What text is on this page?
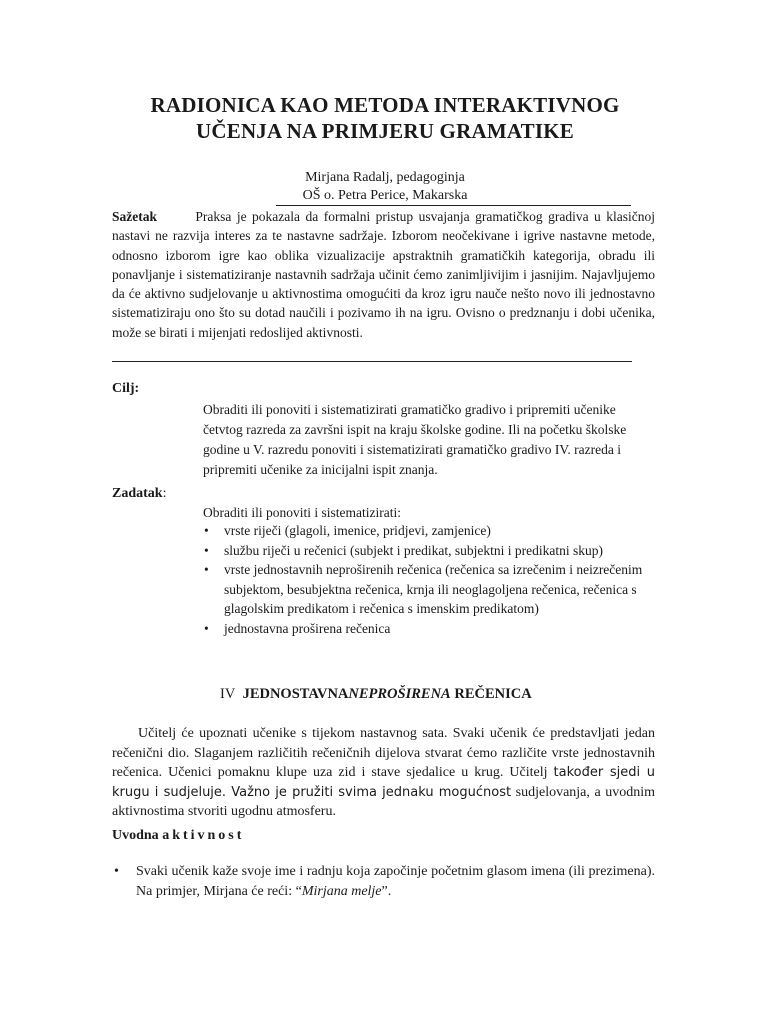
RADIONICA KAO METODA INTERAKTIVNOG
UČENJA NA PRIMJERU GRAMATIKE
Mirjana Radalj, pedagoginja
OŠ o. Petra Perice, Makarska
Sažetak	Praksa je pokazala da formalni pristup usvajanja gramatičkog gradiva u klasičnoj nastavi ne razvija interes za te nastavne sadržaje. Izborom neočekivane i igrive nastavne metode, odnosno izborom igre kao oblika vizualizacije apstraktnih gramatičkih kategorija, obradu ili ponavljanje i sistematiziranje nastavnih sadržaja učinit ćemo zanimljivijim i jasnijim. Najavljujemo da će aktivno sudjelovanje u aktivnostima omogućiti da kroz igru nauče nešto novo ili jednostavno sistematiziraju ono što su dotad naučili i pozivamo ih na igru. Ovisno o predznanju i dobi učenika, može se birati i mijenjati redoslijed aktivnosti.
Cilj:
Obraditi ili ponoviti i sistematizirati gramatičko gradivo i pripremiti učenike četvtog razreda za završni ispit na kraju školske godine. Ili na početku školske godine u V. razredu ponoviti i sistematizirati gramatičko gradivo IV. razreda i pripremiti učenike za inicijalni ispit znanja.
Zadatak:
Obraditi ili ponoviti i sistematizirati:
• vrste riječi (glagoli, imenice, pridjevi, zamjenice)
• službu riječi u rečenici (subjekt i predikat, subjektni i predikatni skup)
• vrste jednostavnih neproširenih rečenica (rečenica sa izrečenim i neizrečenim subjektom, besubjektna rečenica, krnja ili neoglagoljena rečenica, rečenica s glagolskim predikatom i rečenica s imenskim predikatom)
• jednostavna proširena rečenica
IV JEDNOSTAVNANEPROŠIRENA REČENICA
Učitelj će upoznati učenike s tijekom nastavnog sata. Svaki učenik će predstavljati jedan rečenični dio. Slaganjem različitih rečeničnih dijelova stvarat ćemo različite vrste jednostavnih rečenica. Učenici pomaknu klupe uza zid i stave sjedalice u krug. Učitelj također sjedi u krugu i sudjeluje. Važno je pružiti svima jednaku mogućnost sudjelovanja, a uvodnim aktivnostima stvoriti ugodnu atmosferu.
Uvodna aktivnost
• Svaki učenik kaže svoje ime i radnju koja započinje početnim glasom imena (ili prezimena). Na primjer, Mirjana će reći: “Mirjana melje”.
